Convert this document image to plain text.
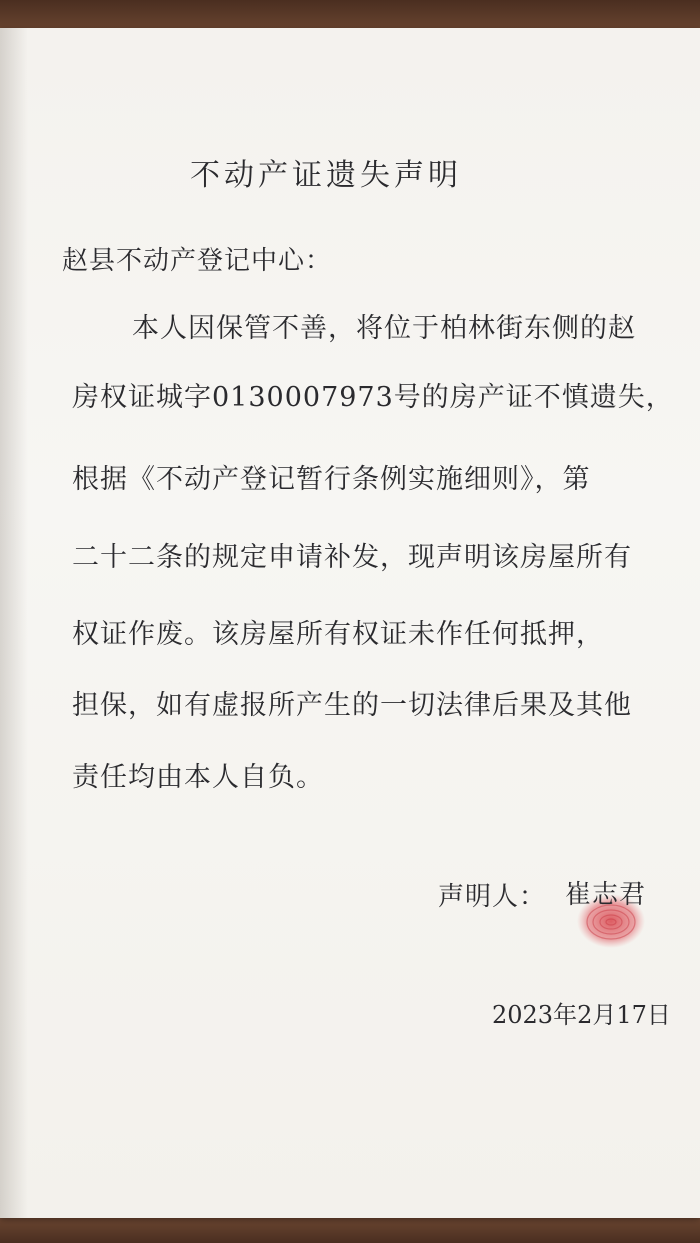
不动产证遗失声明
赵县不动产登记中心：
本人因保管不善，将位于柏林街东侧的赵
房权证城字0130007973号的房产证不慎遗失，
根据《不动产登记暂行条例实施细则》，第
二十二条的规定申请补发，现声明该房屋所有
权证作废。该房屋所有权证未作任何抵押，
担保，如有虚报所产生的一切法律后果及其他
责任均由本人自负。
声明人： 崔志君
2023年2月17日
